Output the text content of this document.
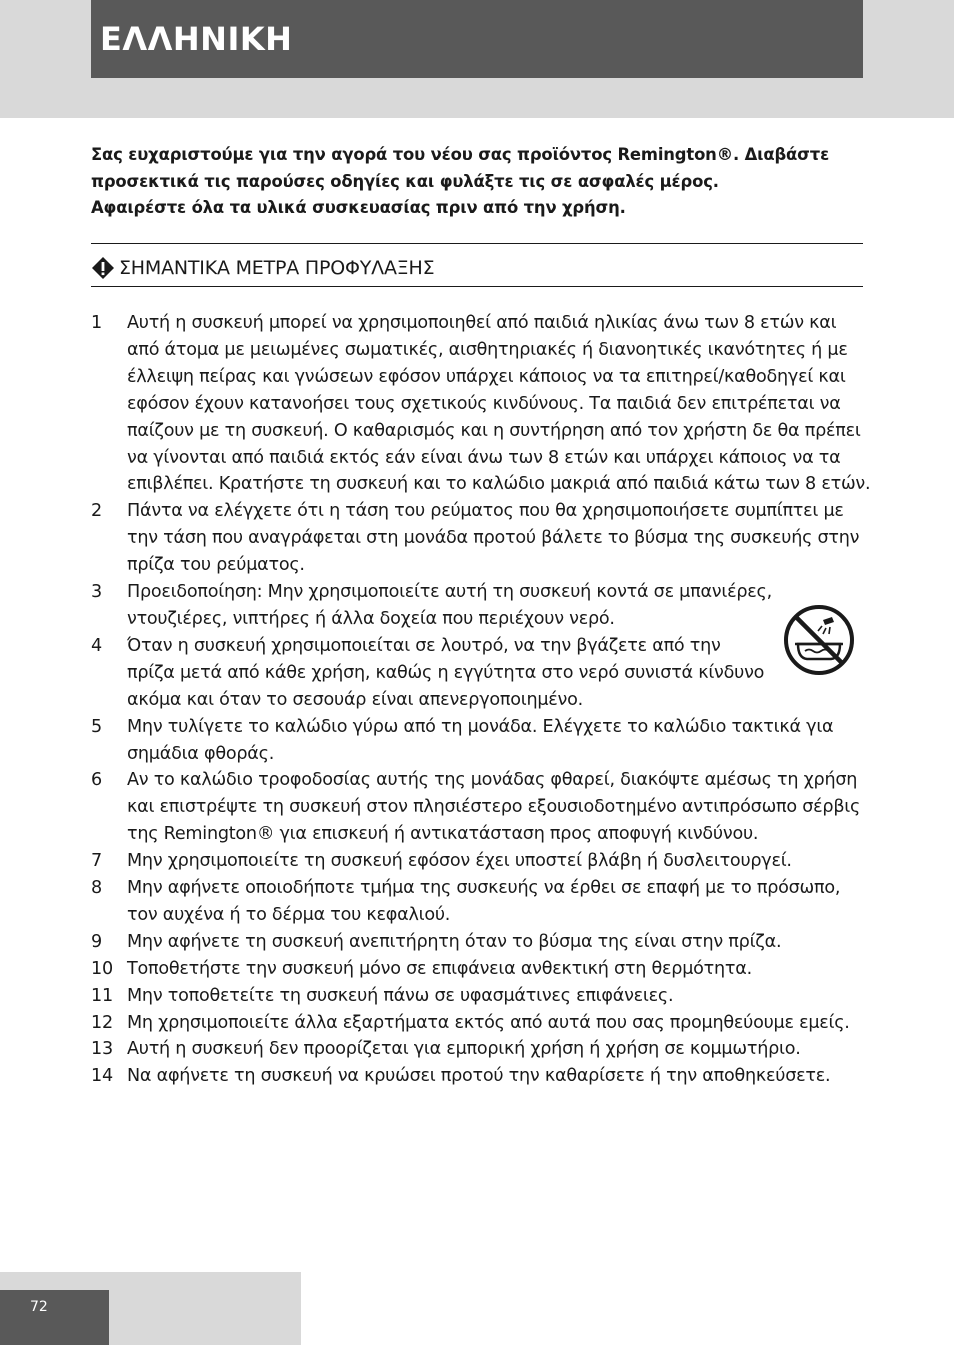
ΕΛΛΗΝΙΚΗ
Σας ευχαριστούμε για την αγορά του νέου σας προϊόντος Remington®. Διαβάστε
προσεκτικά τις παρούσες οδηγίες και φυλάξτε τις σε ασφαλές μέρος.
Αφαιρέστε όλα τα υλικά συσκευασίας πριν από την χρήση.
ΣΗΜΑΝΤΙΚΑ ΜΕΤΡΑ ΠΡΟΦΥΛΑΞΗΣ
1	Αυτή η συσκευή μπορεί να χρησιμοποιηθεί από παιδιά ηλικίας άνω των 8 ετών και από άτομα με μειωμένες σωματικές, αισθητηριακές ή διανοητικές ικανότητες ή με έλλειψη πείρας και γνώσεων εφόσον υπάρχει κάποιος να τα επιτηρεί/καθοδηγεί και εφόσον έχουν κατανοήσει τους σχετικούς κινδύνους. Τα παιδιά δεν επιτρέπεται να παίζουν με τη συσκευή. Ο καθαρισμός και η συντήρηση από τον χρήστη δε θα πρέπει να γίνονται από παιδιά εκτός εάν είναι άνω των 8 ετών και υπάρχει κάποιος να τα επιβλέπει. Κρατήστε τη συσκευή και το καλώδιο μακριά από παιδιά κάτω των 8 ετών.
2	Πάντα να ελέγχετε ότι η τάση του ρεύματος που θα χρησιμοποιήσετε συμπίπτει με την τάση που αναγράφεται στη μονάδα προτού βάλετε το βύσμα της συσκευής στην πρίζα του ρεύματος.
3	Προειδοποίηση: Μην χρησιμοποιείτε αυτή τη συσκευή κοντά σε μπανιέρες, ντουζιέρες, νιπτήρες ή άλλα δοχεία που περιέχουν νερό.
4	Όταν η συσκευή χρησιμοποιείται σε λουτρό, να την βγάζετε από την πρίζα μετά από κάθε χρήση, καθώς η εγγύτητα στο νερό συνιστά κίνδυνο ακόμα και όταν το σεσουάρ είναι απενεργοποιημένο.
5	Μην τυλίγετε το καλώδιο γύρω από τη μονάδα. Ελέγχετε το καλώδιο τακτικά για σημάδια φθοράς.
6	Αν το καλώδιο τροφοδοσίας αυτής της μονάδας φθαρεί, διακόψτε αμέσως τη χρήση και επιστρέψτε τη συσκευή στον πλησιέστερο εξουσιοδοτημένο αντιπρόσωπο σέρβις της Remington® για επισκευή ή αντικατάσταση προς αποφυγή κινδύνου.
7	Μην χρησιμοποιείτε τη συσκευή εφόσον έχει υποστεί βλάβη ή δυσλειτουργεί.
8	Μην αφήνετε οποιοδήποτε τμήμα της συσκευής να έρθει σε επαφή με το πρόσωπο, τον αυχένα ή το δέρμα του κεφαλιού.
9	Μην αφήνετε τη συσκευή ανεπιτήρητη όταν το βύσμα της είναι στην πρίζα.
10 Τοποθετήστε την συσκευή μόνο σε επιφάνεια ανθεκτική στη θερμότητα.
11 Μην τοποθετείτε τη συσκευή πάνω σε υφασμάτινες επιφάνειες.
12 Μη χρησιμοποιείτε άλλα εξαρτήματα εκτός από αυτά που σας προμηθεύουμε εμείς.
13 Αυτή η συσκευή δεν προορίζεται για εμπορική χρήση ή χρήση σε κομμωτήριο.
14 Να αφήνετε τη συσκευή να κρυώσει προτού την καθαρίσετε ή την αποθηκεύσετε.
72
